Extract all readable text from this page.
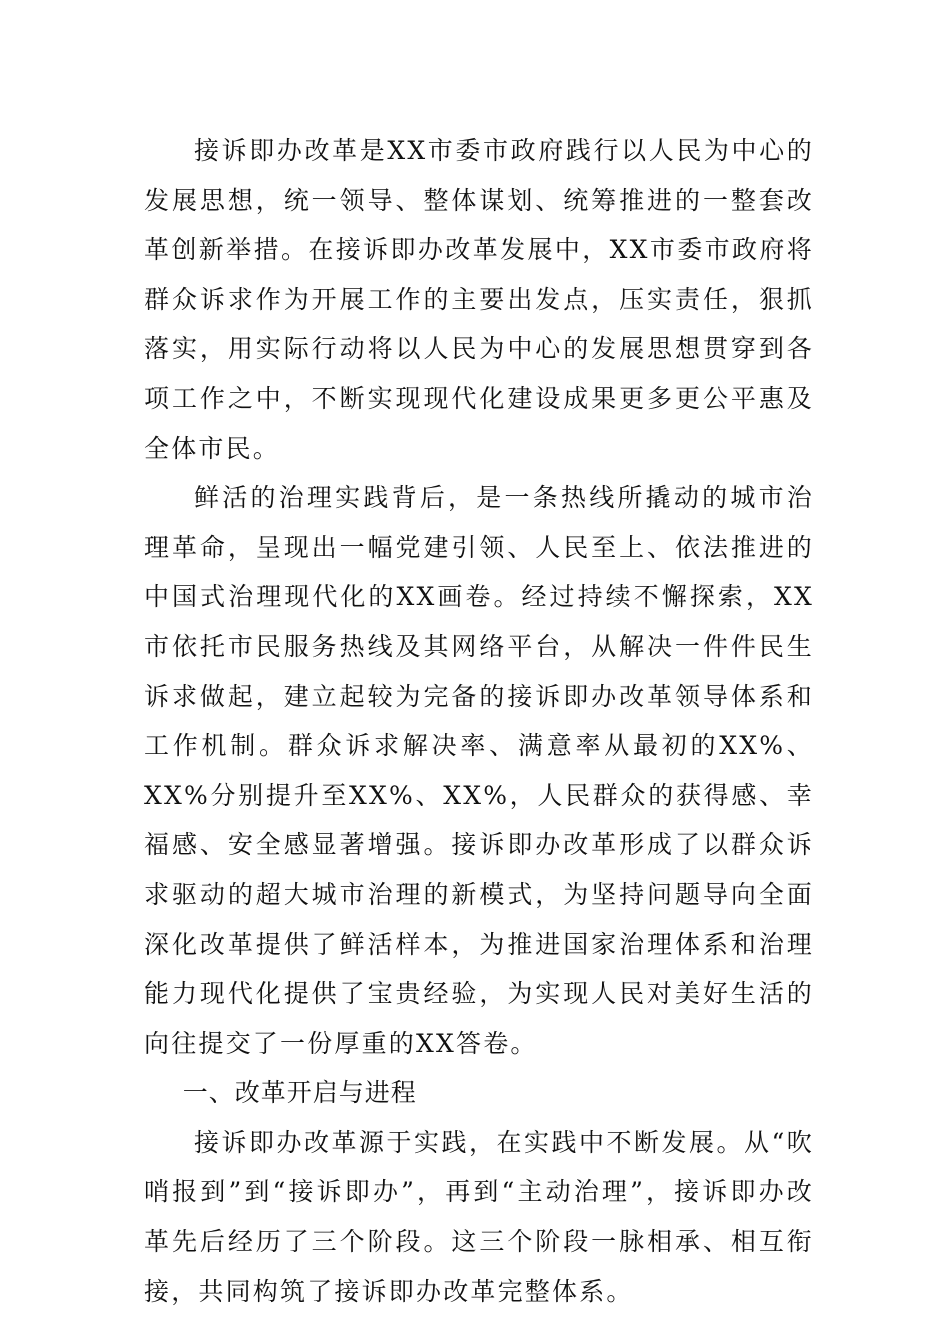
接诉即办改革是XX市委市政府践行以人民为中心的发展思想，统一领导、整体谋划、统筹推进的一整套改革创新举措。在接诉即办改革发展中，XX市委市政府将群众诉求作为开展工作的主要出发点，压实责任，狠抓落实，用实际行动将以人民为中心的发展思想贯穿到各项工作之中，不断实现现代化建设成果更多更公平惠及全体市民。

鲜活的治理实践背后，是一条热线所撬动的城市治理革命，呈现出一幅党建引领、人民至上、依法推进的中国式治理现代化的XX画卷。经过持续不懈探索，XX市依托市民服务热线及其网络平台，从解决一件件民生诉求做起，建立起较为完备的接诉即办改革领导体系和工作机制。群众诉求解决率、满意率从最初的XX%、XX%分别提升至XX%、XX%，人民群众的获得感、幸福感、安全感显著增强。接诉即办改革形成了以群众诉求驱动的超大城市治理的新模式，为坚持问题导向全面深化改革提供了鲜活样本，为推进国家治理体系和治理能力现代化提供了宝贵经验，为实现人民对美好生活的向往提交了一份厚重的XX答卷。

一、改革开启与进程

接诉即办改革源于实践，在实践中不断发展。从“吹哨报到”到“接诉即办”，再到“主动治理”，接诉即办改革先后经历了三个阶段。这三个阶段一脉相承、相互衔接，共同构筑了接诉即办改革完整体系。
